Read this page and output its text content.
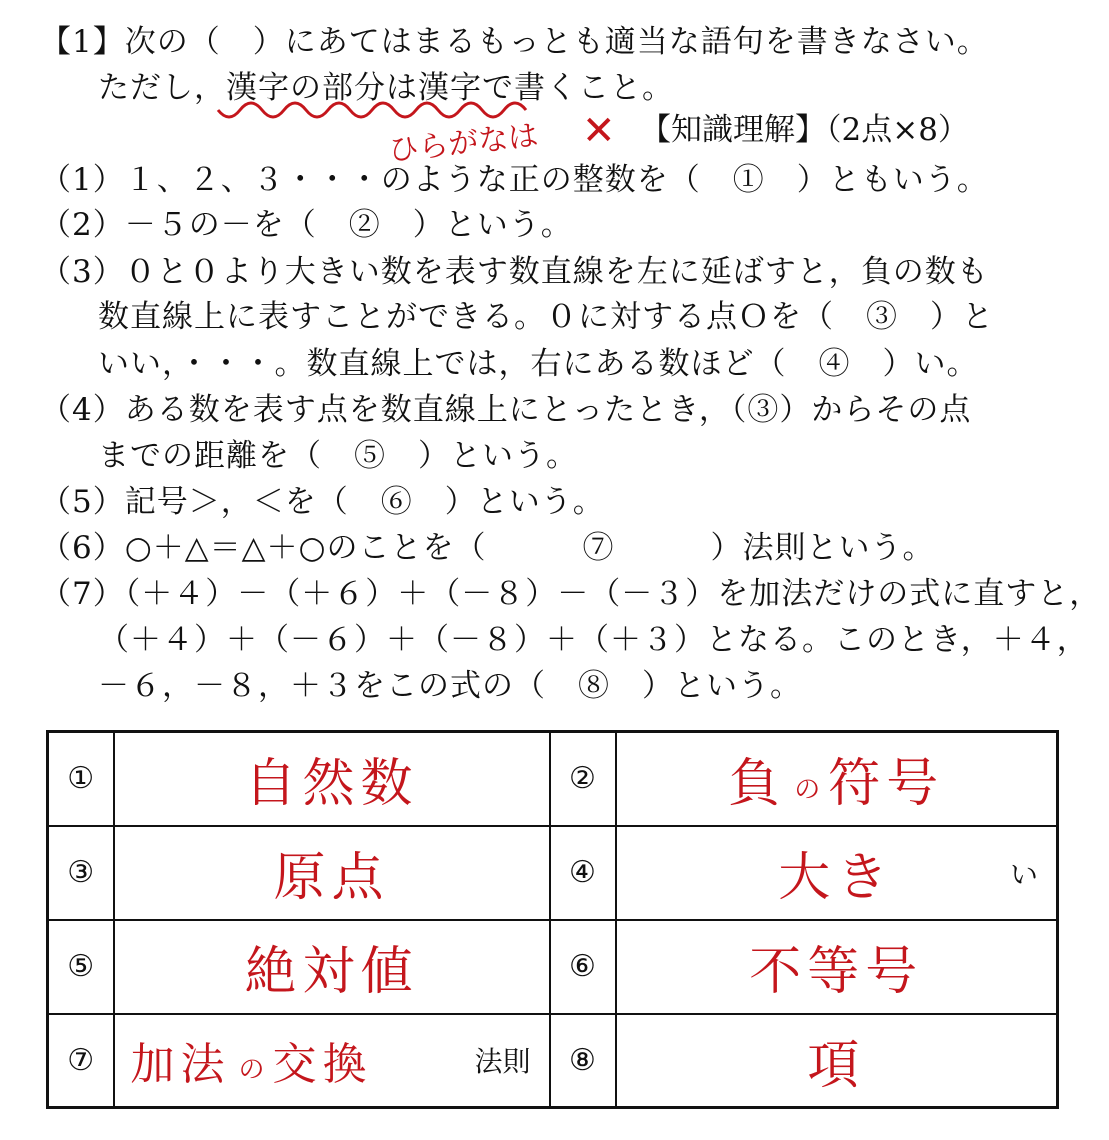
【1】次の（　）にあてはまるもっとも適当な語句を書きなさい。
ただし，漢字の部分は漢字で書くこと。
【知識理解】（2点×8）
ひらがなは ✕
（1）１、２、３・・・のような正の整数を（　①　）ともいう。
（2）－５の－を（　②　）という。
（3）０と０より大きい数を表す数直線を左に延ばすと，負の数も
数直線上に表すことができる。０に対する点Ｏを（　③　）と
いい，・・・。数直線上では，右にある数ほど（　④　）い。
（4）ある数を表す点を数直線上にとったとき，（③）からその点
までの距離を（　⑤　）という。
（5）記号＞，＜を（　⑥　）という。
（6）○＋△＝△＋○のことを（　　　⑦　　　）法則という。
（7）（＋４）－（＋６）＋（－８）－（－３）を加法だけの式に直すと，
（＋４）＋（－６）＋（－８）＋（＋３）となる。このとき，＋４，
－６，－８，＋３をこの式の（　⑧　）という。
①	自然数	②	負 の 符号
③	原点	④	大き い

⑤	絶対値	⑥	不等号
⑦	加法 の 交換 法則	⑧	項
